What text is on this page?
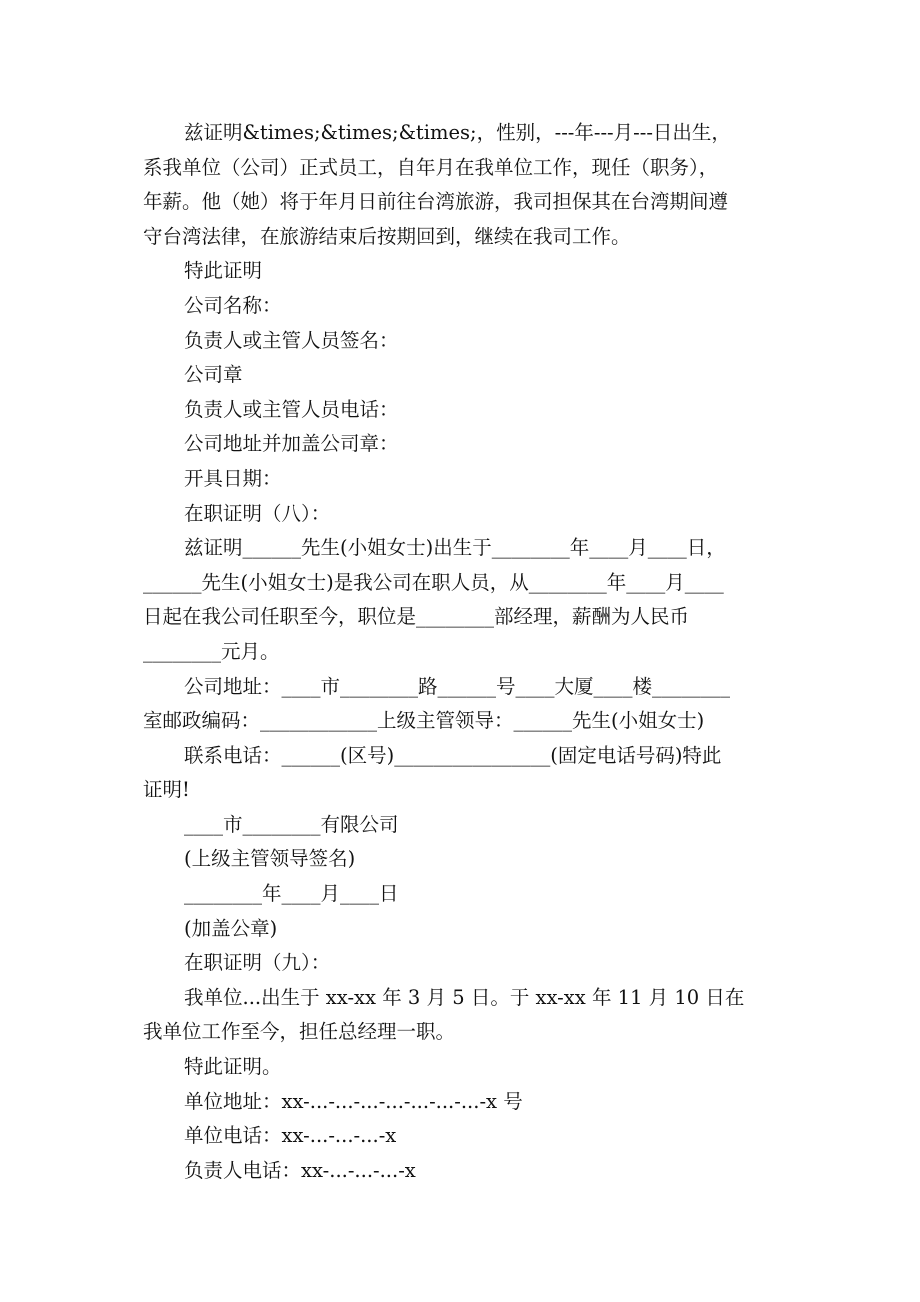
兹证明&times;&times;&times;，性别，---年---月---日出生，
系我单位（公司）正式员工，自年月在我单位工作，现任（职务），
年薪。他（她）将于年月日前往台湾旅游，我司担保其在台湾期间遵
守台湾法律，在旅游结束后按期回到，继续在我司工作。
特此证明
公司名称：
负责人或主管人员签名：
公司章
负责人或主管人员电话：
公司地址并加盖公司章：
开具日期：
在职证明（八）：
兹证明______先生(小姐女士)出生于________年____月____日，
______先生(小姐女士)是我公司在职人员，从________年____月____
日起在我公司任职至今，职位是________部经理，薪酬为人民币
________元月。
公司地址：____市________路______号____大厦____楼________
室邮政编码：____________上级主管领导：______先生(小姐女士)
联系电话：______(区号)________________(固定电话号码)特此
证明!
____市________有限公司
(上级主管领导签名)
________年____月____日
(加盖公章)
在职证明（九）：
我单位...出生于 xx-xx 年 3 月 5 日。于 xx-xx 年 11 月 10 日在
我单位工作至今，担任总经理一职。
特此证明。
单位地址：xx-...-...-...-...-...-...-...-x 号
单位电话：xx-...-...-...-x
负责人电话：xx-...-...-...-x
